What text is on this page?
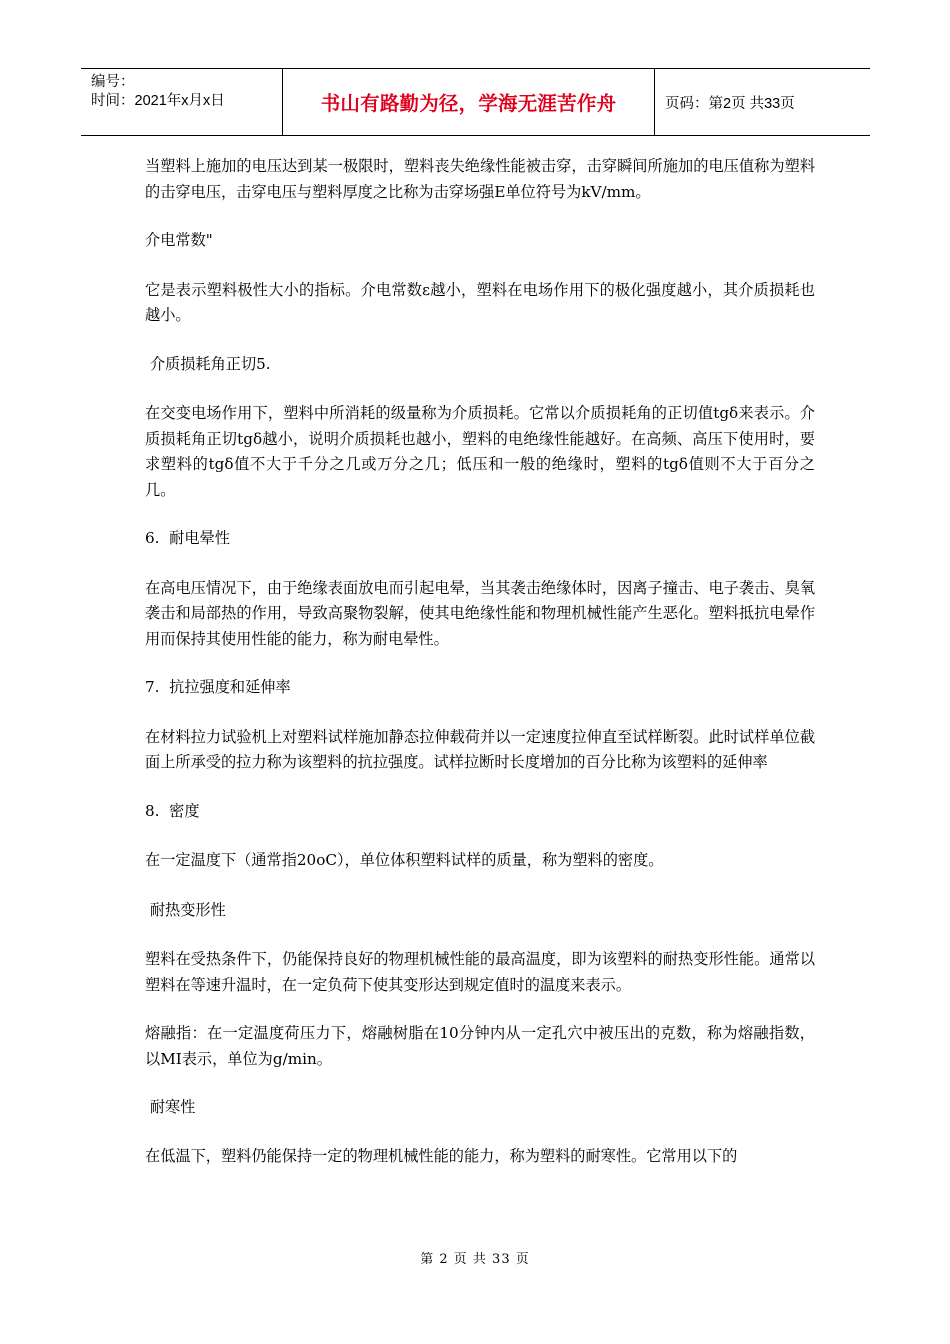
编号：
时间：2021年x月x日	书山有路勤为径，学海无涯苦作舟	页码：第2页 共33页

当塑料上施加的电压达到某一极限时，塑料丧失绝缘性能被击穿，击穿瞬间所施加的电压值称为塑料的击穿电压，击穿电压与塑料厚度之比称为击穿场强E单位符号为kV/mm。

介电常数"

它是表示塑料极性大小的指标。介电常数ε越小，塑料在电场作用下的极化强度越小，其介质损耗也越小。

介质损耗角正切5.

在交变电场作用下，塑料中所消耗的级量称为介质损耗。它常以介质损耗角的正切值tgδ来表示。介质损耗角正切tgδ越小，说明介质损耗也越小，塑料的电绝缘性能越好。在高频、高压下使用时，要求塑料的tgδ值不大于千分之几或万分之几；低压和一般的绝缘时，塑料的tgδ值则不大于百分之几。

6.  耐电晕性

在高电压情况下，由于绝缘表面放电而引起电晕，当其袭击绝缘体时，因离子撞击、电子袭击、臭氧袭击和局部热的作用，导致高聚物裂解，使其电绝缘性能和物理机械性能产生恶化。塑料抵抗电晕作用而保持其使用性能的能力，称为耐电晕性。

7.  抗拉强度和延伸率

在材料拉力试验机上对塑料试样施加静态拉伸载荷并以一定速度拉伸直至试样断裂。此时试样单位截面上所承受的拉力称为该塑料的抗拉强度。试样拉断时长度增加的百分比称为该塑料的延伸率

8.  密度

在一定温度下（通常指20oC），单位体积塑料试样的质量，称为塑料的密度。

耐热变形性

塑料在受热条件下，仍能保持良好的物理机械性能的最高温度，即为该塑料的耐热变形性能。通常以塑料在等速升温时，在一定负荷下使其变形达到规定值时的温度来表示。

熔融指：在一定温度荷压力下，熔融树脂在10分钟内从一定孔穴中被压出的克数，称为熔融指数，以MI表示，单位为g/min。

耐寒性

在低温下，塑料仍能保持一定的物理机械性能的能力，称为塑料的耐寒性。它常用以下的

第 2 页 共 33 页
